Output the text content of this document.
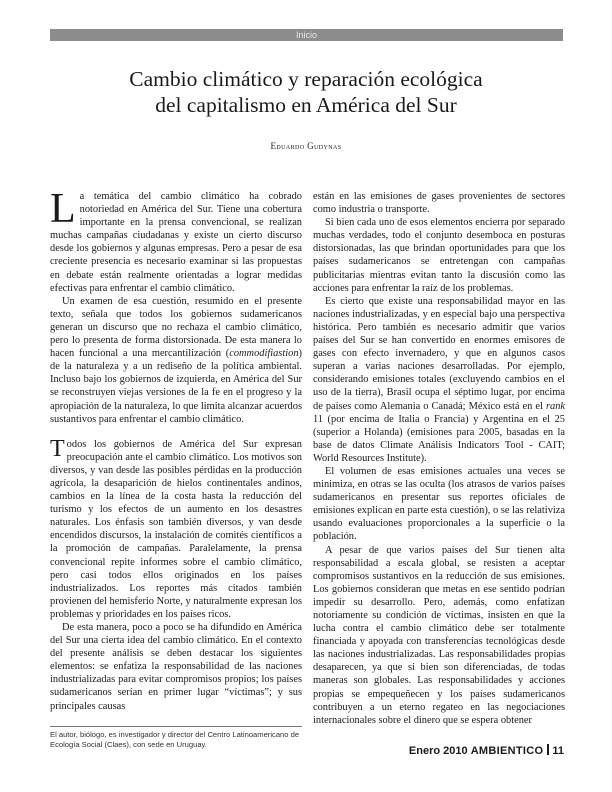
Inicio
Cambio climático y reparación ecológica
del capitalismo en América del Sur
Eduardo Gudynas

La temática del cambio climático ha cobrado notoriedad en América del Sur. Tiene una cobertura importante en la prensa convencional, se realizan muchas campañas ciudadanas y existe un cierto discurso desde los gobiernos y algunas empresas. Pero a pesar de esa creciente presencia es necesario examinar si las propuestas en debate están realmente orientadas a lograr medidas efectivas para enfrentar el cambio climático.

Un examen de esa cuestión, resumido en el presente texto, señala que todos los gobiernos sudamericanos generan un discurso que no rechaza el cambio climático, pero lo presenta de forma distorsionada. De esta manera lo hacen funcional a una mercantilización (commodifiastion) de la naturaleza y a un rediseño de la política ambiental. Incluso bajo los gobiernos de izquierda, en América del Sur se reconstruyen viejas versiones de la fe en el progreso y la apropiación de la naturaleza, lo que limita alcanzar acuerdos sustantivos para enfrentar el cambio climático.

Todos los gobiernos de América del Sur expresan preocupación ante el cambio climático. Los motivos son diversos, y van desde las posibles pérdidas en la producción agrícola, la desaparición de hielos continentales andinos, cambios en la línea de la costa hasta la reducción del turismo y los efectos de un aumento en los desastres naturales. Los énfasis son también diversos, y van desde encendidos discursos, la instalación de comités científicos a la promoción de campañas. Paralelamente, la prensa convencional repite informes sobre el cambio climático, pero casi todos ellos originados en los países industrializados. Los reportes más citados también provienen del hemisferio Norte, y naturalmente expresan los problemas y prioridades en los países ricos.

De esta manera, poco a poco se ha difundido en América del Sur una cierta idea del cambio climático. En el contexto del presente análisis se deben destacar los siguientes elementos: se enfatiza la responsabilidad de las naciones industrializadas para evitar compromisos propios; los países sudamericanos serían en primer lugar “víctimas”; y sus principales causas

están en las emisiones de gases provenientes de sectores como industria o transporte.

Si bien cada uno de esos elementos encierra por separado muchas verdades, todo el conjunto desemboca en posturas distorsionadas, las que brindan oportunidades para que los países sudamericanos se entretengan con campañas publicitarias mientras evitan tanto la discusión como las acciones para enfrentar la raíz de los problemas.

Es cierto que existe una responsabilidad mayor en las naciones industrializadas, y en especial bajo una perspectiva histórica. Pero también es necesario admitir que varios países del Sur se han convertido en enormes emisores de gases con efecto invernadero, y que en algunos casos superan a varias naciones desarrolladas. Por ejemplo, considerando emisiones totales (excluyendo cambios en el uso de la tierra), Brasil ocupa el séptimo lugar, por encima de países como Alemania o Canadá; México está en el rank 11 (por encima de Italia o Francia) y Argentina en el 25 (superior a Holanda) (emisiones para 2005, basadas en la base de datos Climate Análisis Indicators Tool - CAIT; World Resources Institute).

El volumen de esas emisiones actuales una veces se minimiza, en otras se las oculta (los atrasos de varios países sudamericanos en presentar sus reportes oficiales de emisiones explican en parte esta cuestión), o se las relativiza usando evaluaciones proporcionales a la superficie o la población.

A pesar de que varios países del Sur tienen alta responsabilidad a escala global, se resisten a aceptar compromisos sustantivos en la reducción de sus emisiones. Los gobiernos consideran que metas en ese sentido podrían impedir su desarrollo. Pero, además, como enfatizan notoriamente su condición de víctimas, insisten en que la lucha contra el cambio climático debe ser totalmente financiada y apoyada con transferencias tecnológicas desde las naciones industrializadas. Las responsabilidades propias desaparecen, ya que si bien son diferenciadas, de todas maneras son globales. Las responsabilidades y acciones propias se empequeñecen y los países sudamericanos contribuyen a un eterno regateo en las negociaciones internacionales sobre el dinero que se espera obtener

El autor, biólogo, es investigador y director del Centro Latinoamericano de Ecología Social (Claes), con sede en Uruguay.
Enero 2010 AMBIENTICO 11
